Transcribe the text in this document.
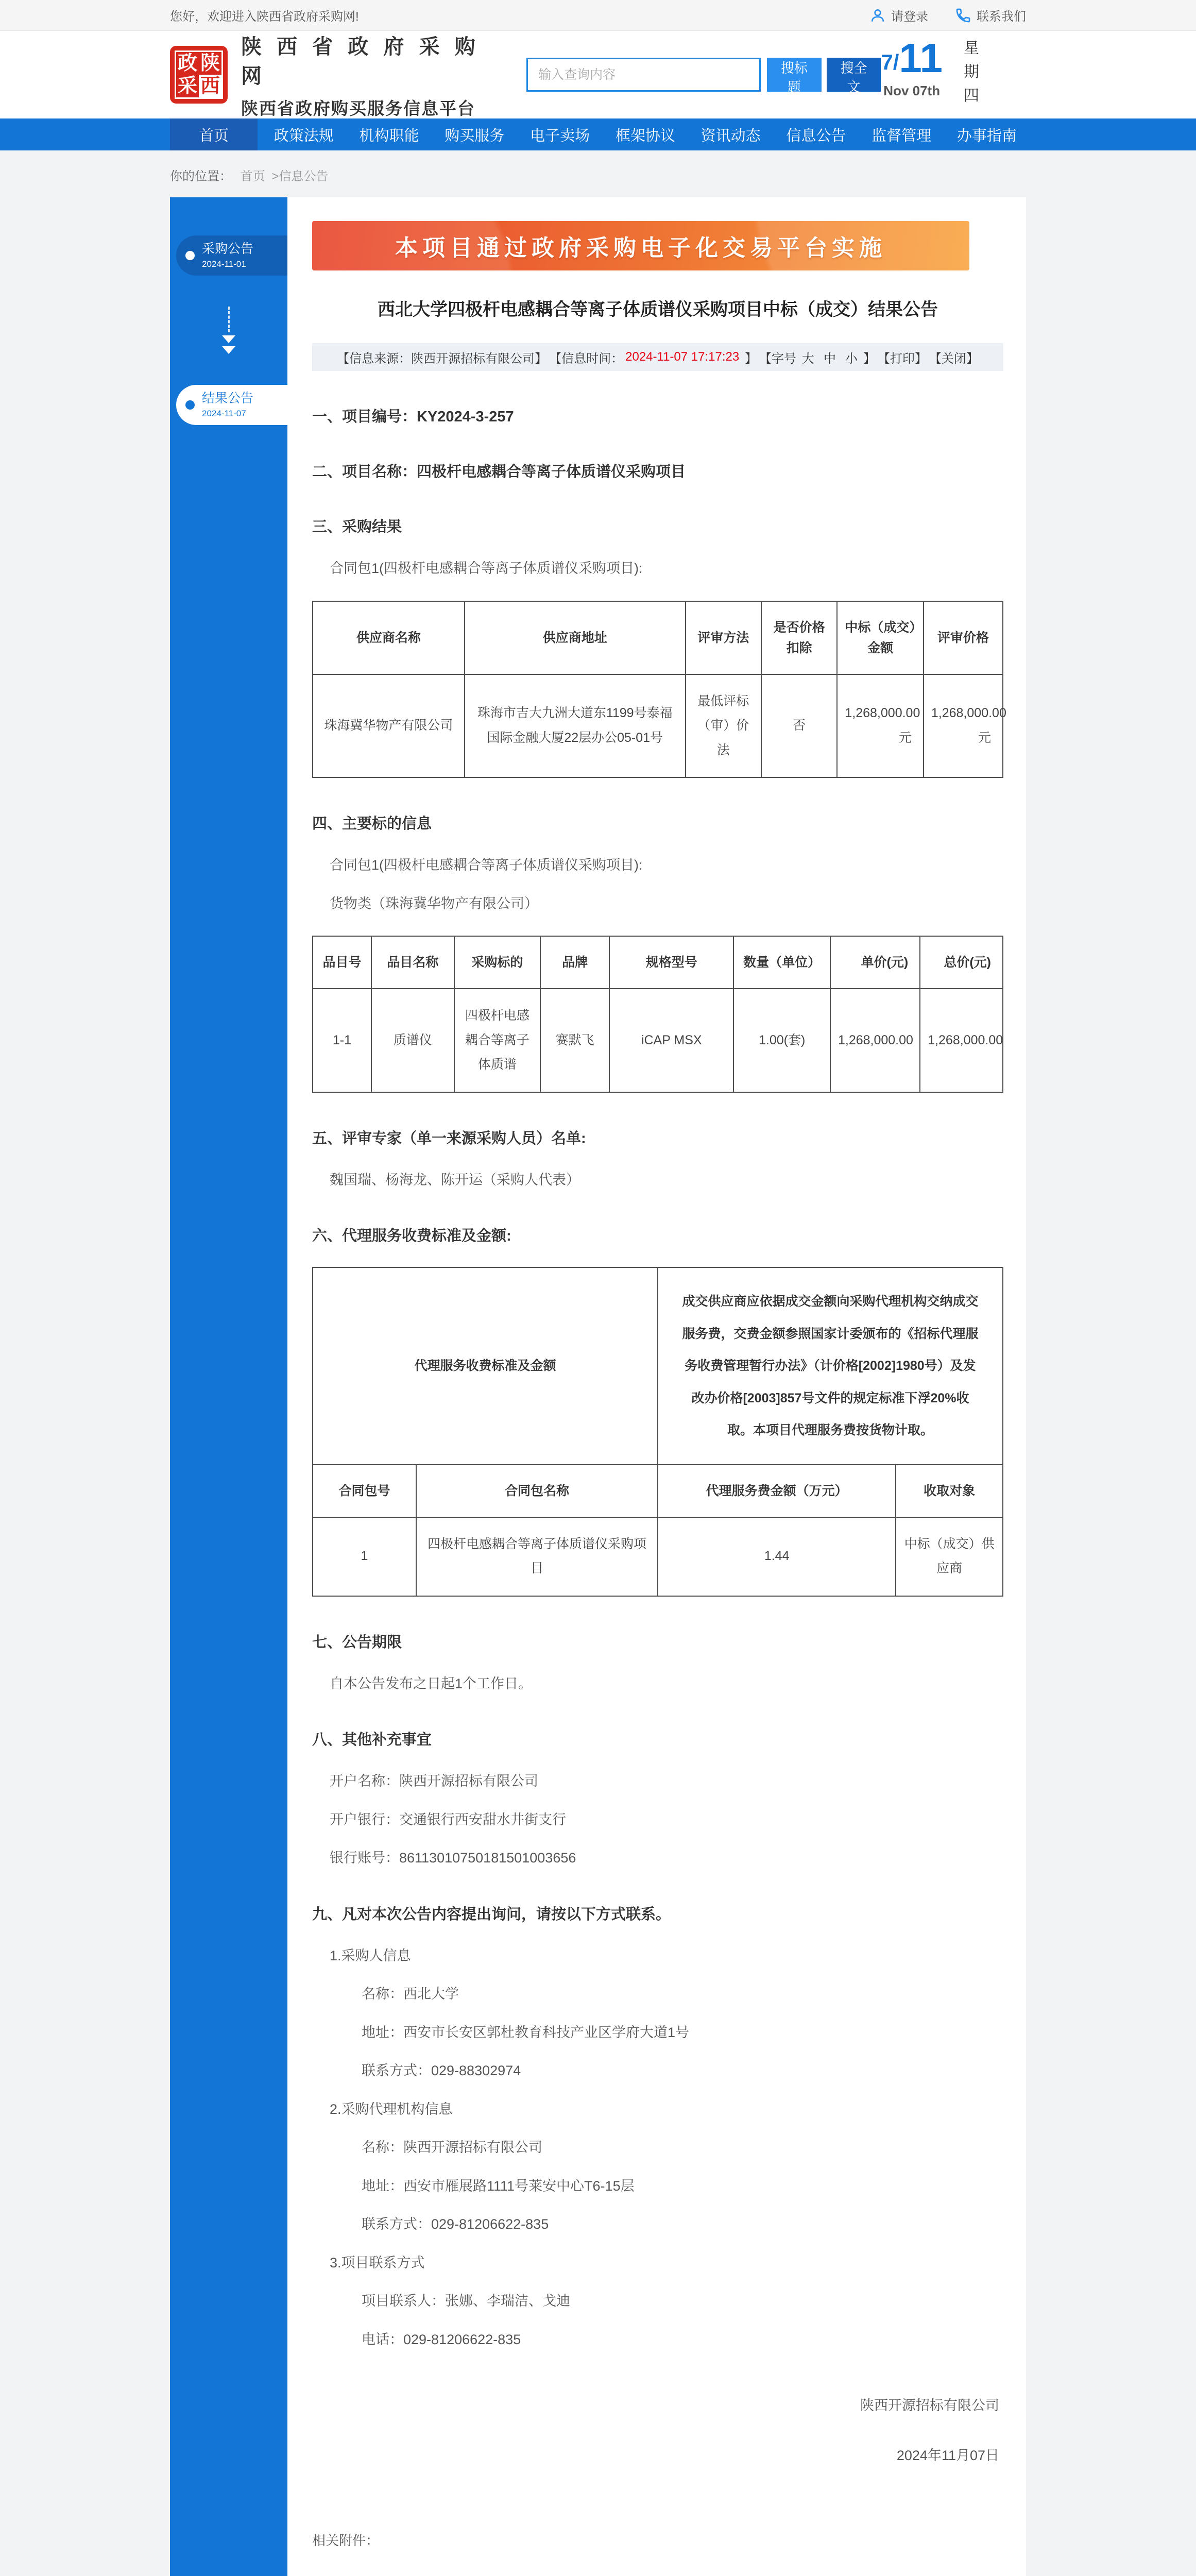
您好，欢迎进入陕西省政府采购网!	请登录	联系我们
政 陕
采 西
陕 西 省 政 府 采 购 网
陕西省政府购买服务信息平台
输入查询内容
搜标题
搜全文
7/ 11
Nov 07th 星期四
首页	政策法规	机构职能	购买服务	电子卖场	框架协议	资讯动态	信息公告	监督管理	办事指南
你的位置： 首页 >信息公告
采购公告
2024-11-01
结果公告
2024-11-07
本项目通过政府采购电子化交易平台实施
西北大学四极杆电感耦合等离子体质谱仪采购项目中标（成交）结果公告
【信息来源：陕西开源招标有限公司】 【信息时间： 2024-11-07 17:17:23 】 【字号 大 中 小 】 【打印】 【关闭】
一、项目编号：KY2024-3-257
二、项目名称：四极杆电感耦合等离子体质谱仪采购项目
三、采购结果

合同包1(四极杆电感耦合等离子体质谱仪采购项目):

供应商名称	供应商地址	评审方法	是否价格扣除	中标（成交）金额	评审价格
珠海冀华物产有限公司	珠海市吉大九洲大道东1199号泰福国际金融大厦22层办公05-01号	最低评标（审）价法	否	1,268,000.00元	1,268,000.00元
四、主要标的信息

合同包1(四极杆电感耦合等离子体质谱仪采购项目):

货物类（珠海冀华物产有限公司）

品目号	品目名称	采购标的	品牌	规格型号	数量（单位）	单价(元)	总价(元)
1-1	质谱仪	四极杆电感耦合等离子体质谱	赛默飞	iCAP MSX	1.00(套)	1,268,000.00	1,268,000.00
五、评审专家（单一来源采购人员）名单:

魏国瑞、杨海龙、陈开运（采购人代表）

六、代理服务收费标准及金额:
代理服务收费标准及金额		成交供应商应依据成交金额向采购代理机构交纳成交服务费，交费金额参照国家计委颁布的《招标代理服务收费管理暂行办法》（计价格[2002]1980号）及发改办价格[2003]857号文件的规定标准下浮20%收取。本项目代理服务费按货物计取。	
合同包号	合同包名称	代理服务费金额（万元）	收取对象
1	四极杆电感耦合等离子体质谱仪采购项目	1.44	中标（成交）供应商
七、公告期限

自本公告发布之日起1个工作日。

八、其他补充事宜

开户名称：陕西开源招标有限公司

开户银行：交通银行西安甜水井街支行

银行账号：86113010750181501003656

九、凡对本次公告内容提出询问，请按以下方式联系。

1.采购人信息

名称：西北大学

地址：西安市长安区郭杜教育科技产业区学府大道1号

联系方式：029-88302974

2.采购代理机构信息

名称：陕西开源招标有限公司

地址：西安市雁展路1111号莱安中心T6-15层

联系方式：029-81206622-835

3.项目联系方式

项目联系人：张娜、李瑞洁、戈迪

电话：029-81206622-835

陕西开源招标有限公司
2024年11月07日
相关附件：
